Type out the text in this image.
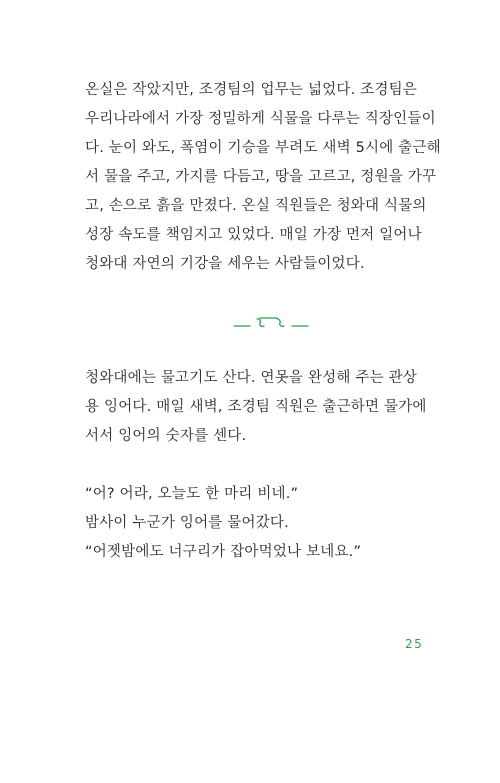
온실은 작았지만, 조경팀의 업무는 넓었다. 조경팀은
우리나라에서 가장 정밀하게 식물을 다루는 직장인들이
다. 눈이 와도, 폭염이 기승을 부려도 새벽 5시에 출근해
서 물을 주고, 가지를 다듬고, 땅을 고르고, 정원을 가꾸
고, 손으로 흙을 만졌다. 온실 직원들은 청와대 식물의
성장 속도를 책임지고 있었다. 매일 가장 먼저 일어나
청와대 자연의 기강을 세우는 사람들이었다.
청와대에는 물고기도 산다. 연못을 완성해 주는 관상
용 잉어다. 매일 새벽, 조경팀 직원은 출근하면 물가에
서서 잉어의 숫자를 센다.
“어? 어라, 오늘도 한 마리 비네.”
밤사이 누군가 잉어를 물어갔다.
“어젯밤에도 너구리가 잡아먹었나 보네요.”
25
